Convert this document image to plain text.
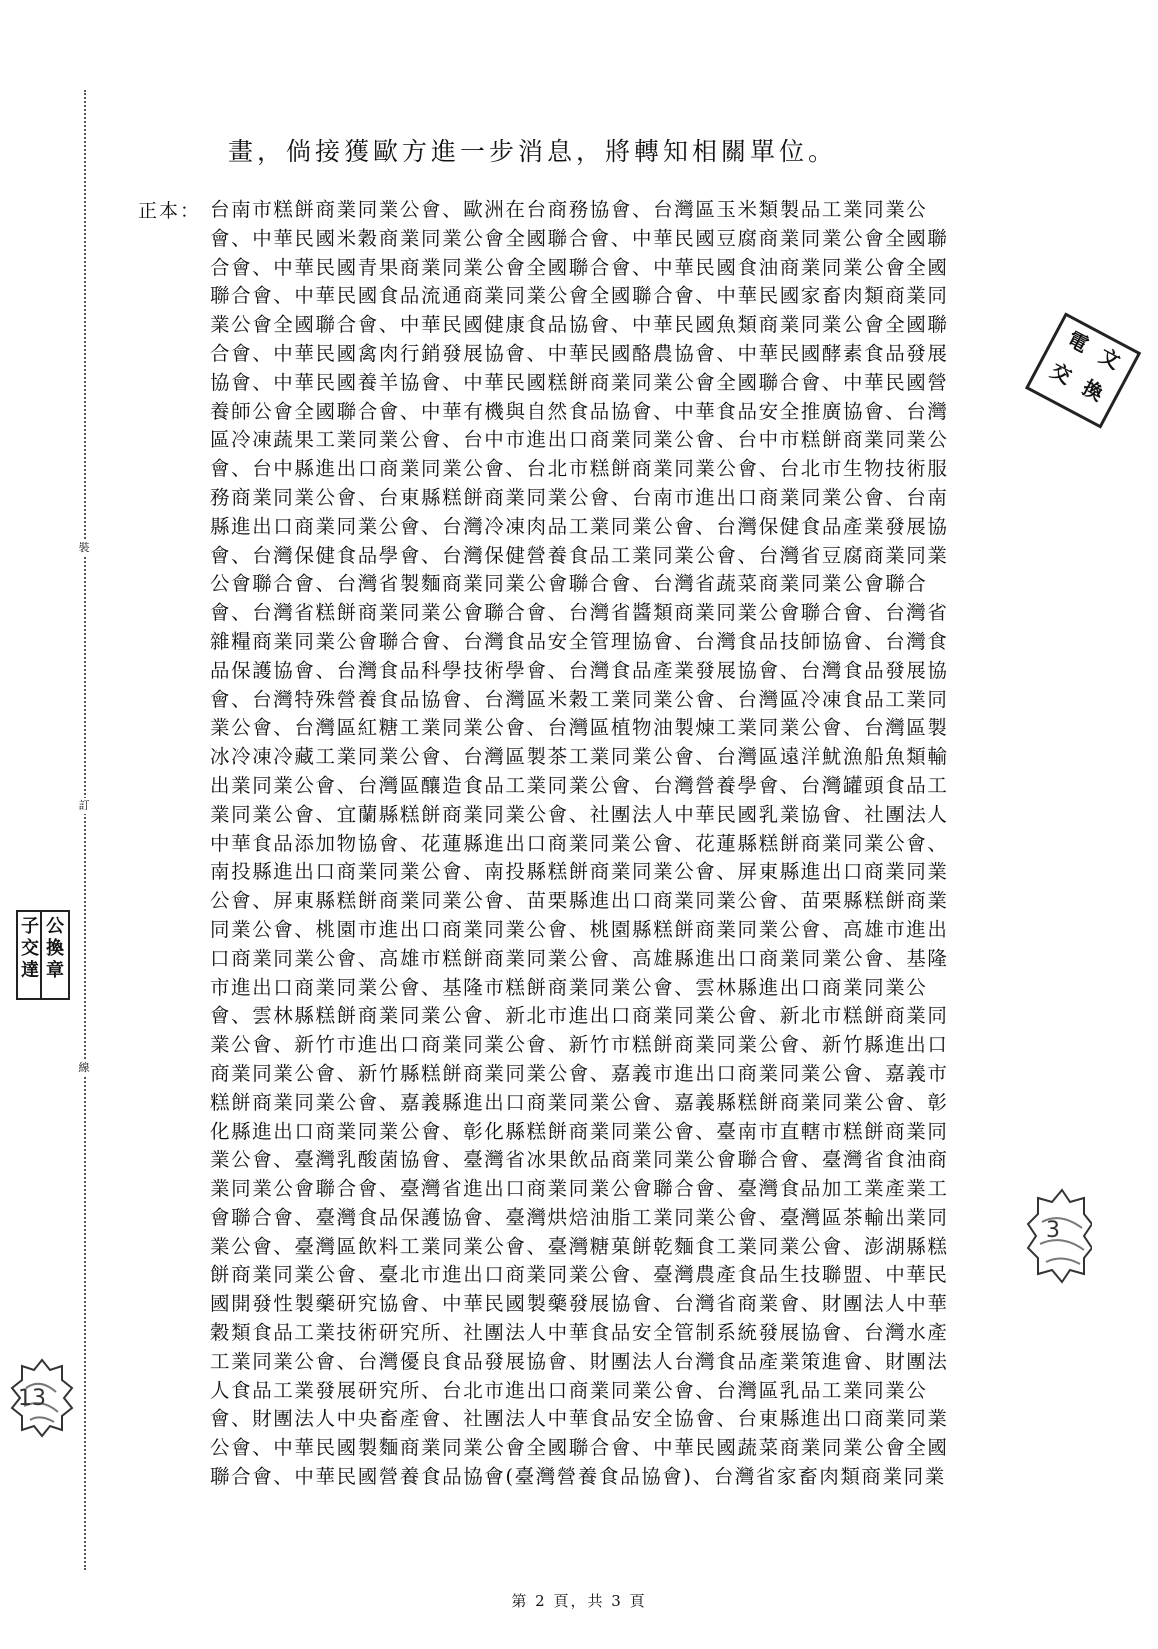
裝
訂
線
子
交
達
公
換
章
電
文
交
換
13
3
畫，倘接獲歐方進一步消息，將轉知相關單位。
正本： 台南市糕餅商業同業公會、歐洲在台商務協會、台灣區玉米類製品工業同業公
會、中華民國米穀商業同業公會全國聯合會、中華民國豆腐商業同業公會全國聯
合會、中華民國青果商業同業公會全國聯合會、中華民國食油商業同業公會全國
聯合會、中華民國食品流通商業同業公會全國聯合會、中華民國家畜肉類商業同
業公會全國聯合會、中華民國健康食品協會、中華民國魚類商業同業公會全國聯
合會、中華民國禽肉行銷發展協會、中華民國酪農協會、中華民國酵素食品發展
協會、中華民國養羊協會、中華民國糕餅商業同業公會全國聯合會、中華民國營
養師公會全國聯合會、中華有機與自然食品協會、中華食品安全推廣協會、台灣
區冷凍蔬果工業同業公會、台中市進出口商業同業公會、台中市糕餅商業同業公
會、台中縣進出口商業同業公會、台北市糕餅商業同業公會、台北市生物技術服
務商業同業公會、台東縣糕餅商業同業公會、台南市進出口商業同業公會、台南
縣進出口商業同業公會、台灣冷凍肉品工業同業公會、台灣保健食品產業發展協
會、台灣保健食品學會、台灣保健營養食品工業同業公會、台灣省豆腐商業同業
公會聯合會、台灣省製麵商業同業公會聯合會、台灣省蔬菜商業同業公會聯合
會、台灣省糕餅商業同業公會聯合會、台灣省醬類商業同業公會聯合會、台灣省
雜糧商業同業公會聯合會、台灣食品安全管理協會、台灣食品技師協會、台灣食
品保護協會、台灣食品科學技術學會、台灣食品產業發展協會、台灣食品發展協
會、台灣特殊營養食品協會、台灣區米穀工業同業公會、台灣區冷凍食品工業同
業公會、台灣區紅糖工業同業公會、台灣區植物油製煉工業同業公會、台灣區製
冰冷凍冷藏工業同業公會、台灣區製茶工業同業公會、台灣區遠洋魷漁船魚類輸
出業同業公會、台灣區釀造食品工業同業公會、台灣營養學會、台灣罐頭食品工
業同業公會、宜蘭縣糕餅商業同業公會、社團法人中華民國乳業協會、社團法人
中華食品添加物協會、花蓮縣進出口商業同業公會、花蓮縣糕餅商業同業公會、
南投縣進出口商業同業公會、南投縣糕餅商業同業公會、屏東縣進出口商業同業
公會、屏東縣糕餅商業同業公會、苗栗縣進出口商業同業公會、苗栗縣糕餅商業
同業公會、桃園市進出口商業同業公會、桃園縣糕餅商業同業公會、高雄市進出
口商業同業公會、高雄市糕餅商業同業公會、高雄縣進出口商業同業公會、基隆
市進出口商業同業公會、基隆市糕餅商業同業公會、雲林縣進出口商業同業公
會、雲林縣糕餅商業同業公會、新北市進出口商業同業公會、新北市糕餅商業同
業公會、新竹市進出口商業同業公會、新竹市糕餅商業同業公會、新竹縣進出口
商業同業公會、新竹縣糕餅商業同業公會、嘉義市進出口商業同業公會、嘉義市
糕餅商業同業公會、嘉義縣進出口商業同業公會、嘉義縣糕餅商業同業公會、彰
化縣進出口商業同業公會、彰化縣糕餅商業同業公會、臺南市直轄市糕餅商業同
業公會、臺灣乳酸菌協會、臺灣省冰果飲品商業同業公會聯合會、臺灣省食油商
業同業公會聯合會、臺灣省進出口商業同業公會聯合會、臺灣食品加工業產業工
會聯合會、臺灣食品保護協會、臺灣烘焙油脂工業同業公會、臺灣區茶輸出業同
業公會、臺灣區飲料工業同業公會、臺灣糖菓餅乾麵食工業同業公會、澎湖縣糕
餅商業同業公會、臺北市進出口商業同業公會、臺灣農產食品生技聯盟、中華民
國開發性製藥研究協會、中華民國製藥發展協會、台灣省商業會、財團法人中華
穀類食品工業技術研究所、社團法人中華食品安全管制系統發展協會、台灣水產
工業同業公會、台灣優良食品發展協會、財團法人台灣食品產業策進會、財團法
人食品工業發展研究所、台北市進出口商業同業公會、台灣區乳品工業同業公
會、財團法人中央畜產會、社團法人中華食品安全協會、台東縣進出口商業同業
公會、中華民國製麵商業同業公會全國聯合會、中華民國蔬菜商業同業公會全國
聯合會、中華民國營養食品協會(臺灣營養食品協會)、台灣省家畜肉類商業同業
第 2 頁，共 3 頁
